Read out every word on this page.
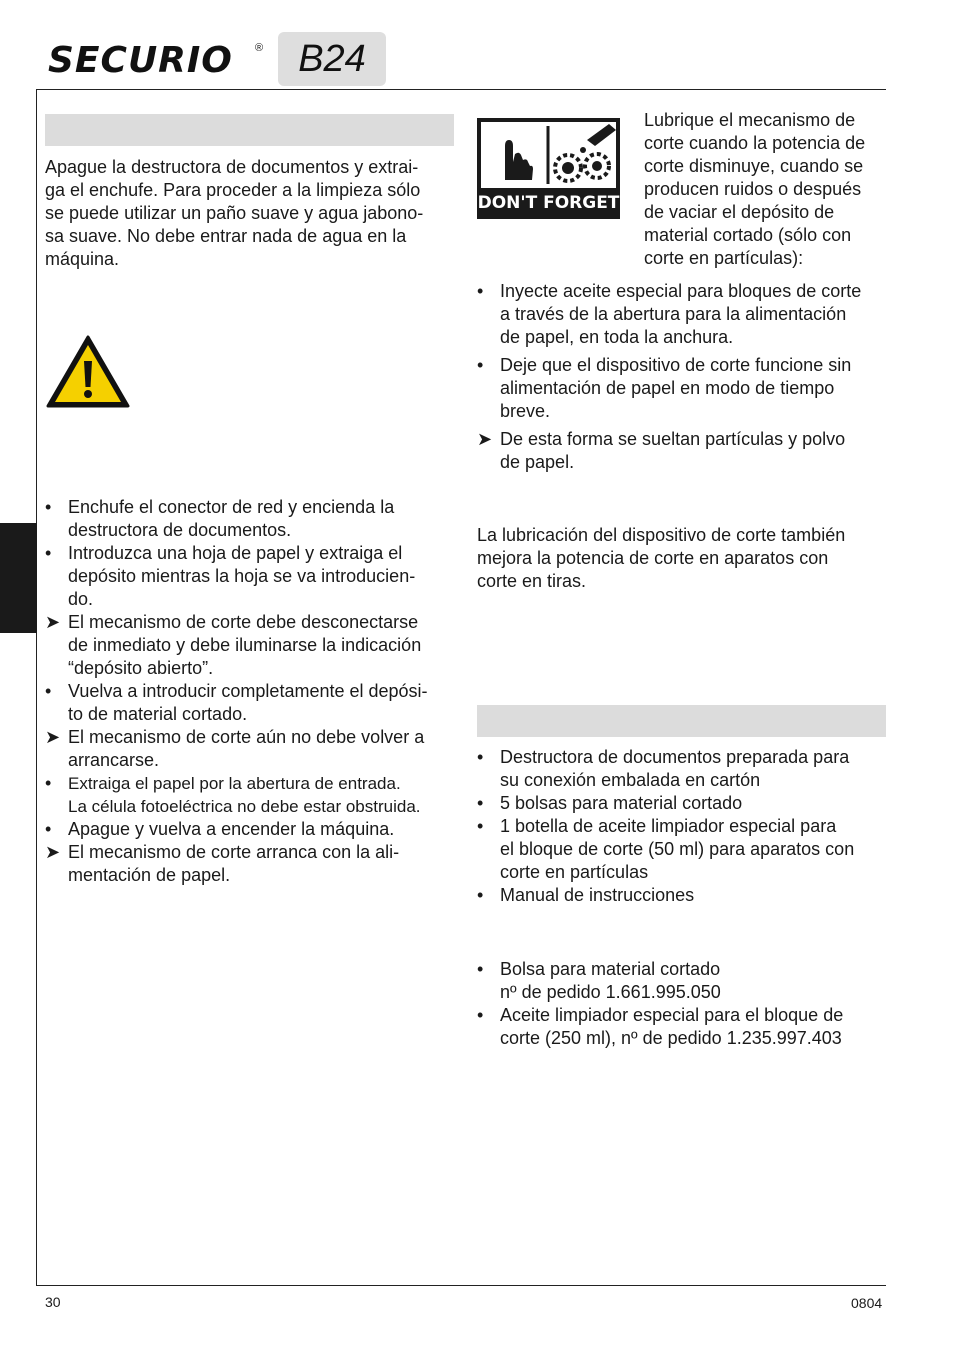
SECURIO ® B24
Apague la destructora de documentos y extrai-
ga el enchufe. Para proceder a la limpieza sólo
se puede utilizar un paño suave y agua jabono-
sa suave. No debe entrar nada de agua en la
máquina.
• Enchufe el conector de red y encienda la
destructora de documentos.
• Introduzca una hoja de papel y extraiga el
depósito mientras la hoja se va introducien-
do.
➤ El mecanismo de corte debe desconectarse
de inmediato y debe iluminarse la indicación
“depósito abierto”.
• Vuelva a introducir completamente el depósi-
to de material cortado.
➤ El mecanismo de corte aún no debe volver a
arrancarse.
• Extraiga el papel por la abertura de entrada.
La célula fotoeléctrica no debe estar obstruida.
• Apague y vuelva a encender la máquina.
➤ El mecanismo de corte arranca con la ali-
mentación de papel.
DON'T FORGET
Lubrique el mecanismo de
corte cuando la potencia de
corte disminuye, cuando se
producen ruidos o después
de vaciar el depósito de
material cortado (sólo con
corte en partículas):
• Inyecte aceite especial para bloques de corte
a través de la abertura para la alimentación
de papel, en toda la anchura.
• Deje que el dispositivo de corte funcione sin
alimentación de papel en modo de tiempo
breve.
➤ De esta forma se sueltan partículas y polvo
de papel.
La lubricación del dispositivo de corte también
mejora la potencia de corte en aparatos con
corte en tiras.
• Destructora de documentos preparada para
su conexión embalada en cartón
• 5 bolsas para material cortado
• 1 botella de aceite limpiador especial para
el bloque de corte (50 ml) para aparatos con
corte en partículas
• Manual de instrucciones
• Bolsa para material cortado
nº de pedido 1.661.995.050
• Aceite limpiador especial para el bloque de
corte (250 ml), nº de pedido 1.235.997.403
30	0804
